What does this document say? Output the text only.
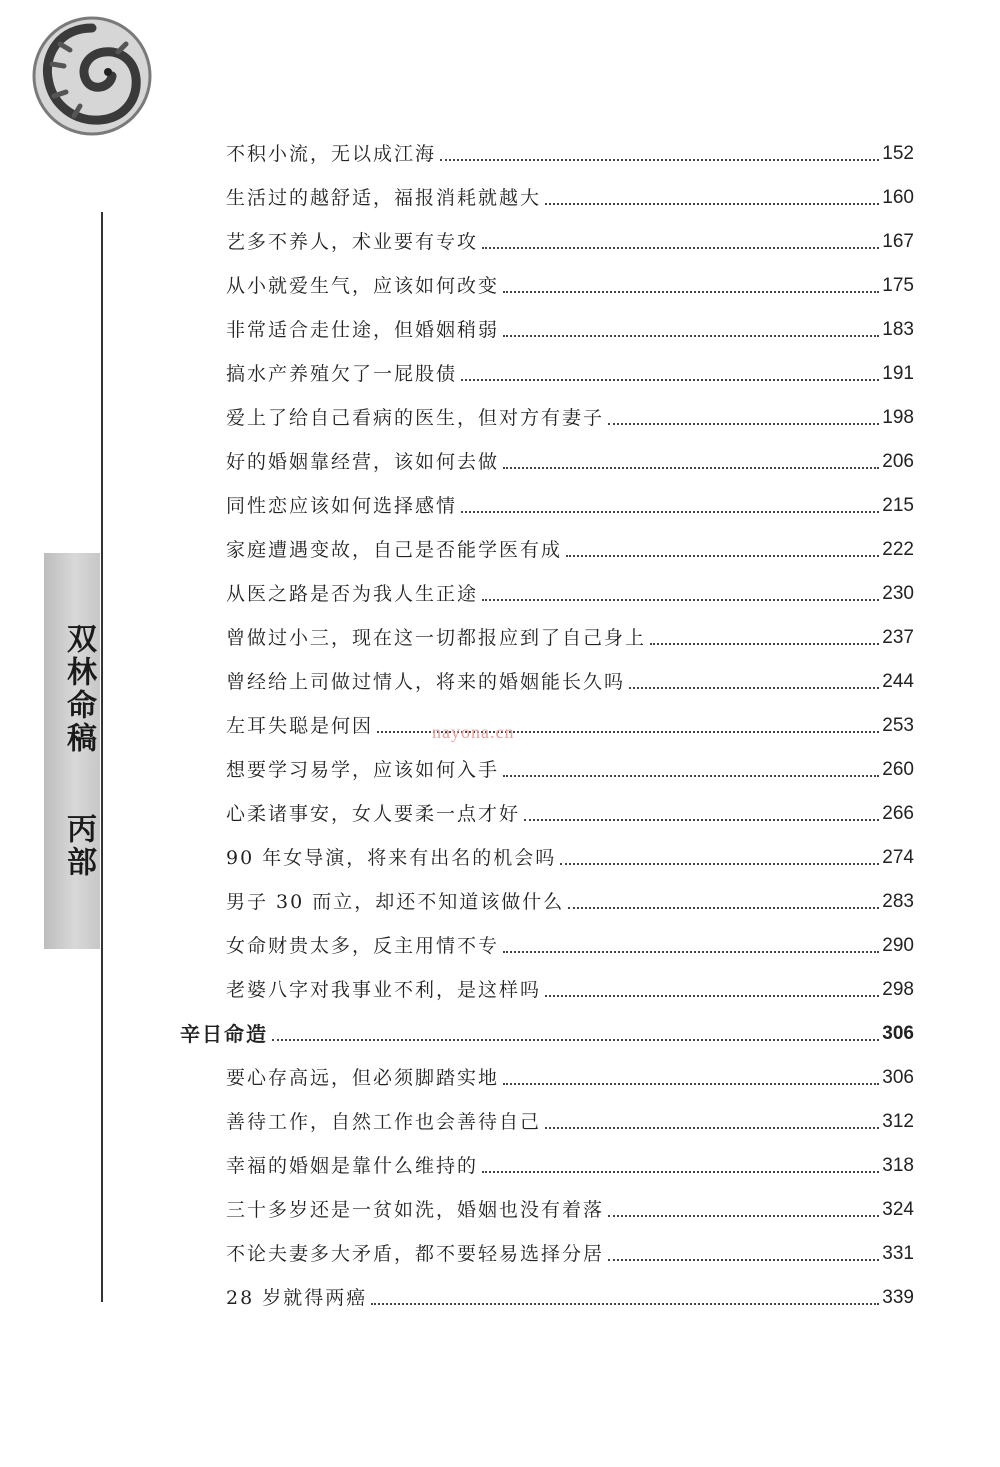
双林命稿
丙部
不积小流，无以成江海	152
生活过的越舒适，福报消耗就越大	160
艺多不养人，术业要有专攻	167
从小就爱生气，应该如何改变	175
非常适合走仕途，但婚姻稍弱	183
搞水产养殖欠了一屁股债	191
爱上了给自己看病的医生，但对方有妻子	198
好的婚姻靠经营，该如何去做	206
同性恋应该如何选择感情	215
家庭遭遇变故，自己是否能学医有成	222
从医之路是否为我人生正途	230
曾做过小三，现在这一切都报应到了自己身上	237
曾经给上司做过情人，将来的婚姻能长久吗	244
左耳失聪是何因	253
想要学习易学，应该如何入手	260
心柔诸事安，女人要柔一点才好	266
90 年女导演，将来有出名的机会吗	274
男子 30 而立，却还不知道该做什么	283
女命财贵太多，反主用情不专	290
老婆八字对我事业不利，是这样吗	298
辛日命造	306
要心存高远，但必须脚踏实地	306
善待工作，自然工作也会善待自己	312
幸福的婚姻是靠什么维持的	318
三十多岁还是一贫如洗，婚姻也没有着落	324
不论夫妻多大矛盾，都不要轻易选择分居	331
28 岁就得两癌	339
nayona.cn
